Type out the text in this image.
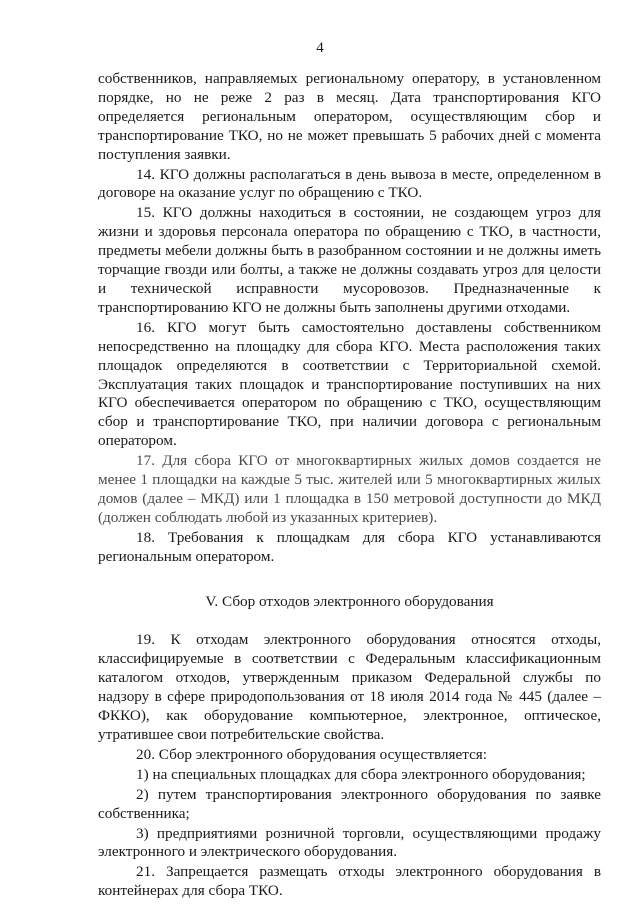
4

собственников, направляемых региональному оператору, в установленном порядке, но не реже 2 раз в месяц. Дата транспортирования КГО определяется региональным оператором, осуществляющим сбор и транспортирование ТКО, но не может превышать 5 рабочих дней с момента поступления заявки.

14. КГО должны располагаться в день вывоза в месте, определенном в договоре на оказание услуг по обращению с ТКО.

15. КГО должны находиться в состоянии, не создающем угроз для жизни и здоровья персонала оператора по обращению с ТКО, в частности, предметы мебели должны быть в разобранном состоянии и не должны иметь торчащие гвозди или болты, а также не должны создавать угроз для целости и технической исправности мусоровозов. Предназначенные к транспортированию КГО не должны быть заполнены другими отходами.

16. КГО могут быть самостоятельно доставлены собственником непосредственно на площадку для сбора КГО. Места расположения таких площадок определяются в соответствии с Территориальной схемой. Эксплуатация таких площадок и транспортирование поступивших на них КГО обеспечивается оператором по обращению с ТКО, осуществляющим сбор и транспортирование ТКО, при наличии договора с региональным оператором.

17. Для сбора КГО от многоквартирных жилых домов создается не менее 1 площадки на каждые 5 тыс. жителей или 5 многоквартирных жилых домов (далее – МКД) или 1 площадка в 150 метровой доступности до МКД (должен соблюдать любой из указанных критериев).

18. Требования к площадкам для сбора КГО устанавливаются региональным оператором.

V. Сбор отходов электронного оборудования

19. К отходам электронного оборудования относятся отходы, классифицируемые в соответствии с Федеральным классификационным каталогом отходов, утвержденным приказом Федеральной службы по надзору в сфере природопользования от 18 июля 2014 года № 445 (далее – ФККО), как оборудование компьютерное, электронное, оптическое, утратившее свои потребительские свойства.

20. Сбор электронного оборудования осуществляется:

1) на специальных площадках для сбора электронного оборудования;

2) путем транспортирования электронного оборудования по заявке собственника;

3) предприятиями розничной торговли, осуществляющими продажу электронного и электрического оборудования.

21. Запрещается размещать отходы электронного оборудования в контейнерах для сбора ТКО.
